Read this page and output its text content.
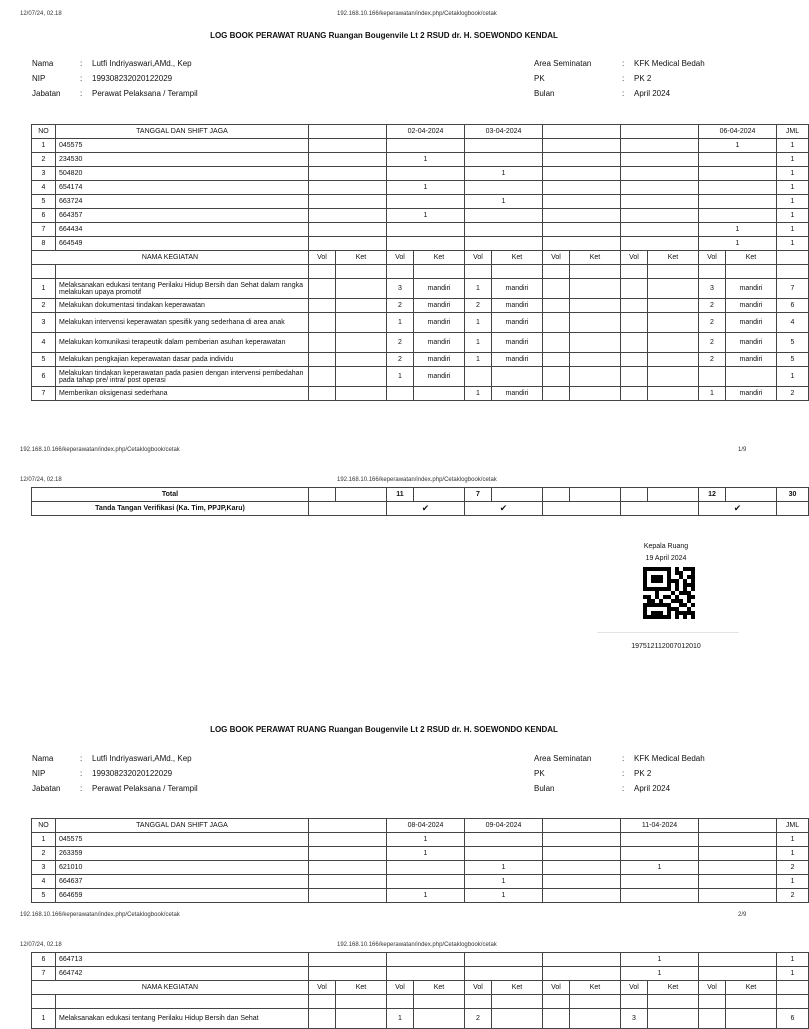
12/07/24, 02.18	192.168.10.166/keperawatan/index.php/Cetaklogbook/cetak
LOG BOOK PERAWAT RUANG Ruangan Bougenvile Lt 2 RSUD dr. H. SOEWONDO KENDAL
Nama	:	Lutfi Indriyaswari,AMd., Kep
NIP	:	199308232020122029
Jabatan	:	Perawat Pelaksana / Terampil
Area Seminatan	:	KFK Medical Bedah
PK	:	PK 2
Bulan	:	April 2024
NO	TANGGAL DAN SHIFT JAGA			02-04-2024		03-04-2024						06-04-2024		JML
1	045575											1		1
2	234530			1										1
3	504820					1								1
4	654174			1										1
5	663724					1								1
6	664357			1										1
7	664434											1		1
8	664549											1		1
NAMA KEGIATAN		Vol	Ket	Vol	Ket	Vol	Ket	Vol	Ket	Vol	Ket	Vol	Ket	

1	Melaksanakan edukasi tentang Perilaku Hidup Bersih dan Sehat dalam rangka melakukan upaya promotif			3	mandiri	1	mandiri					3	mandiri	7
2	Melakukan dokumentasi tindakan keperawatan			2	mandiri	2	mandiri					2	mandiri	6
3	Melakukan intervensi keperawatan spesifik yang sederhana di area anak			1	mandiri	1	mandiri					2	mandiri	4
4	Melakukan komunikasi terapeutik dalam pemberian asuhan keperawatan			2	mandiri	1	mandiri					2	mandiri	5
5	Melakukan pengkajian keperawatan dasar pada individu			2	mandiri	1	mandiri					2	mandiri	5
6	Melakukan tindakan keperawatan pada pasien dengan intervensi pembedahan pada tahap pre/ intra/ post operasi			1	mandiri									1
7	Memberikan oksigenasi sederhana					1	mandiri					1	mandiri	2

192.168.10.166/keperawatan/index.php/Cetaklogbook/cetak	1/9
12/07/24, 02.18	192.168.10.166/keperawatan/index.php/Cetaklogbook/cetak
Total			11		7						12		30
Tanda Tangan Verifikasi (Ka. Tim, PPJP,Karu)			✔		✔						✔		
Kepala Ruang
19 April 2024
197512112007012010
LOG BOOK PERAWAT RUANG Ruangan Bougenvile Lt 2 RSUD dr. H. SOEWONDO KENDAL
Nama	:	Lutfi Indriyaswari,AMd., Kep
NIP	:	199308232020122029
Jabatan	:	Perawat Pelaksana / Terampil
Area Seminatan	:	KFK Medical Bedah
PK	:	PK 2
Bulan	:	April 2024
NO	TANGGAL DAN SHIFT JAGA		08-04-2024	09-04-2024		11-04-2024		JML
1	045575		1					1
2	263359		1					1
3	621010			1		1		2
4	664637			1				1
5	664659		1	1				2
192.168.10.166/keperawatan/index.php/Cetaklogbook/cetak	2/9
12/07/24, 02.18	192.168.10.166/keperawatan/index.php/Cetaklogbook/cetak
6	664713									1				1
7	664742									1				1
NAMA KEGIATAN		Vol	Ket	Vol	Ket	Vol	Ket	Vol	Ket	Vol	Ket	Vol	Ket	

1	Melaksanakan edukasi tentang Perilaku Hidup Bersih dan Sehat			1		2				3				6
